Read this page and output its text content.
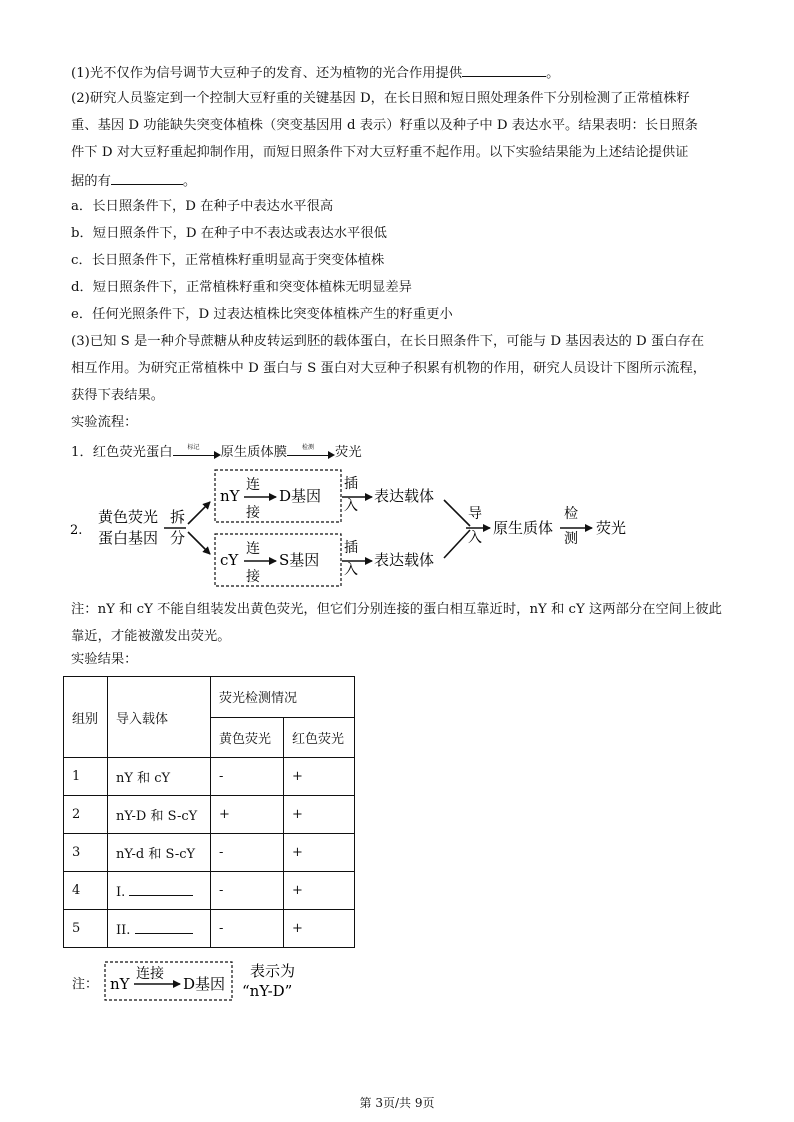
(1)光不仅作为信号调节大豆种子的发育、还为植物的光合作用提供	。
(2)研究人员鉴定到一个控制大豆籽重的关键基因 D，在长日照和短日照处理条件下分别检测了正常植株籽
重、基因 D 功能缺失突变体植株（突变基因用 d 表示）籽重以及种子中 D 表达水平。结果表明：长日照条
件下 D 对大豆籽重起抑制作用，而短日照条件下对大豆籽重不起作用。以下实验结果能为上述结论提供证
据的有	。
a．长日照条件下，D 在种子中表达水平很高
b．短日照条件下，D 在种子中不表达或表达水平很低
c．长日照条件下，正常植株籽重明显高于突变体植株
d．短日照条件下，正常植株籽重和突变体植株无明显差异
e．任何光照条件下，D 过表达植株比突变体植株产生的籽重更小
(3)已知 S 是一种介导蔗糖从种皮转运到胚的载体蛋白，在长日照条件下，可能与 D 基因表达的 D 蛋白存在
相互作用。为研究正常植株中 D 蛋白与 S 蛋白对大豆种子积累有机物的作用，研究人员设计下图所示流程，
获得下表结果。
实验流程：
1．红色荧光蛋白	标记	原生质体膜	检测	荧光
2.
黄色荧光
蛋白基因
拆
分
nY
连
接
D基因
cY
连
接
S基因
插
入
表达载体
插
入
表达载体
导
入
原生质体
检
测
荧光
注：nY 和 cY 不能自组装发出黄色荧光，但它们分别连接的蛋白相互靠近时，nY 和 cY 这两部分在空间上彼此靠近，才能被激发出荧光。
实验结果：
组别	导入载体	荧光检测情况	
		黄色荧光	红色荧光
1	nY 和 cY	-	+
2	nY-D 和 S-cY	+	+
3	nY-d 和 S-cY	-	+
4	I.	-	+
5	II.	-	+
注： nY
连接
D基因
表示为
“nY-D”
第 3页/共 9页
